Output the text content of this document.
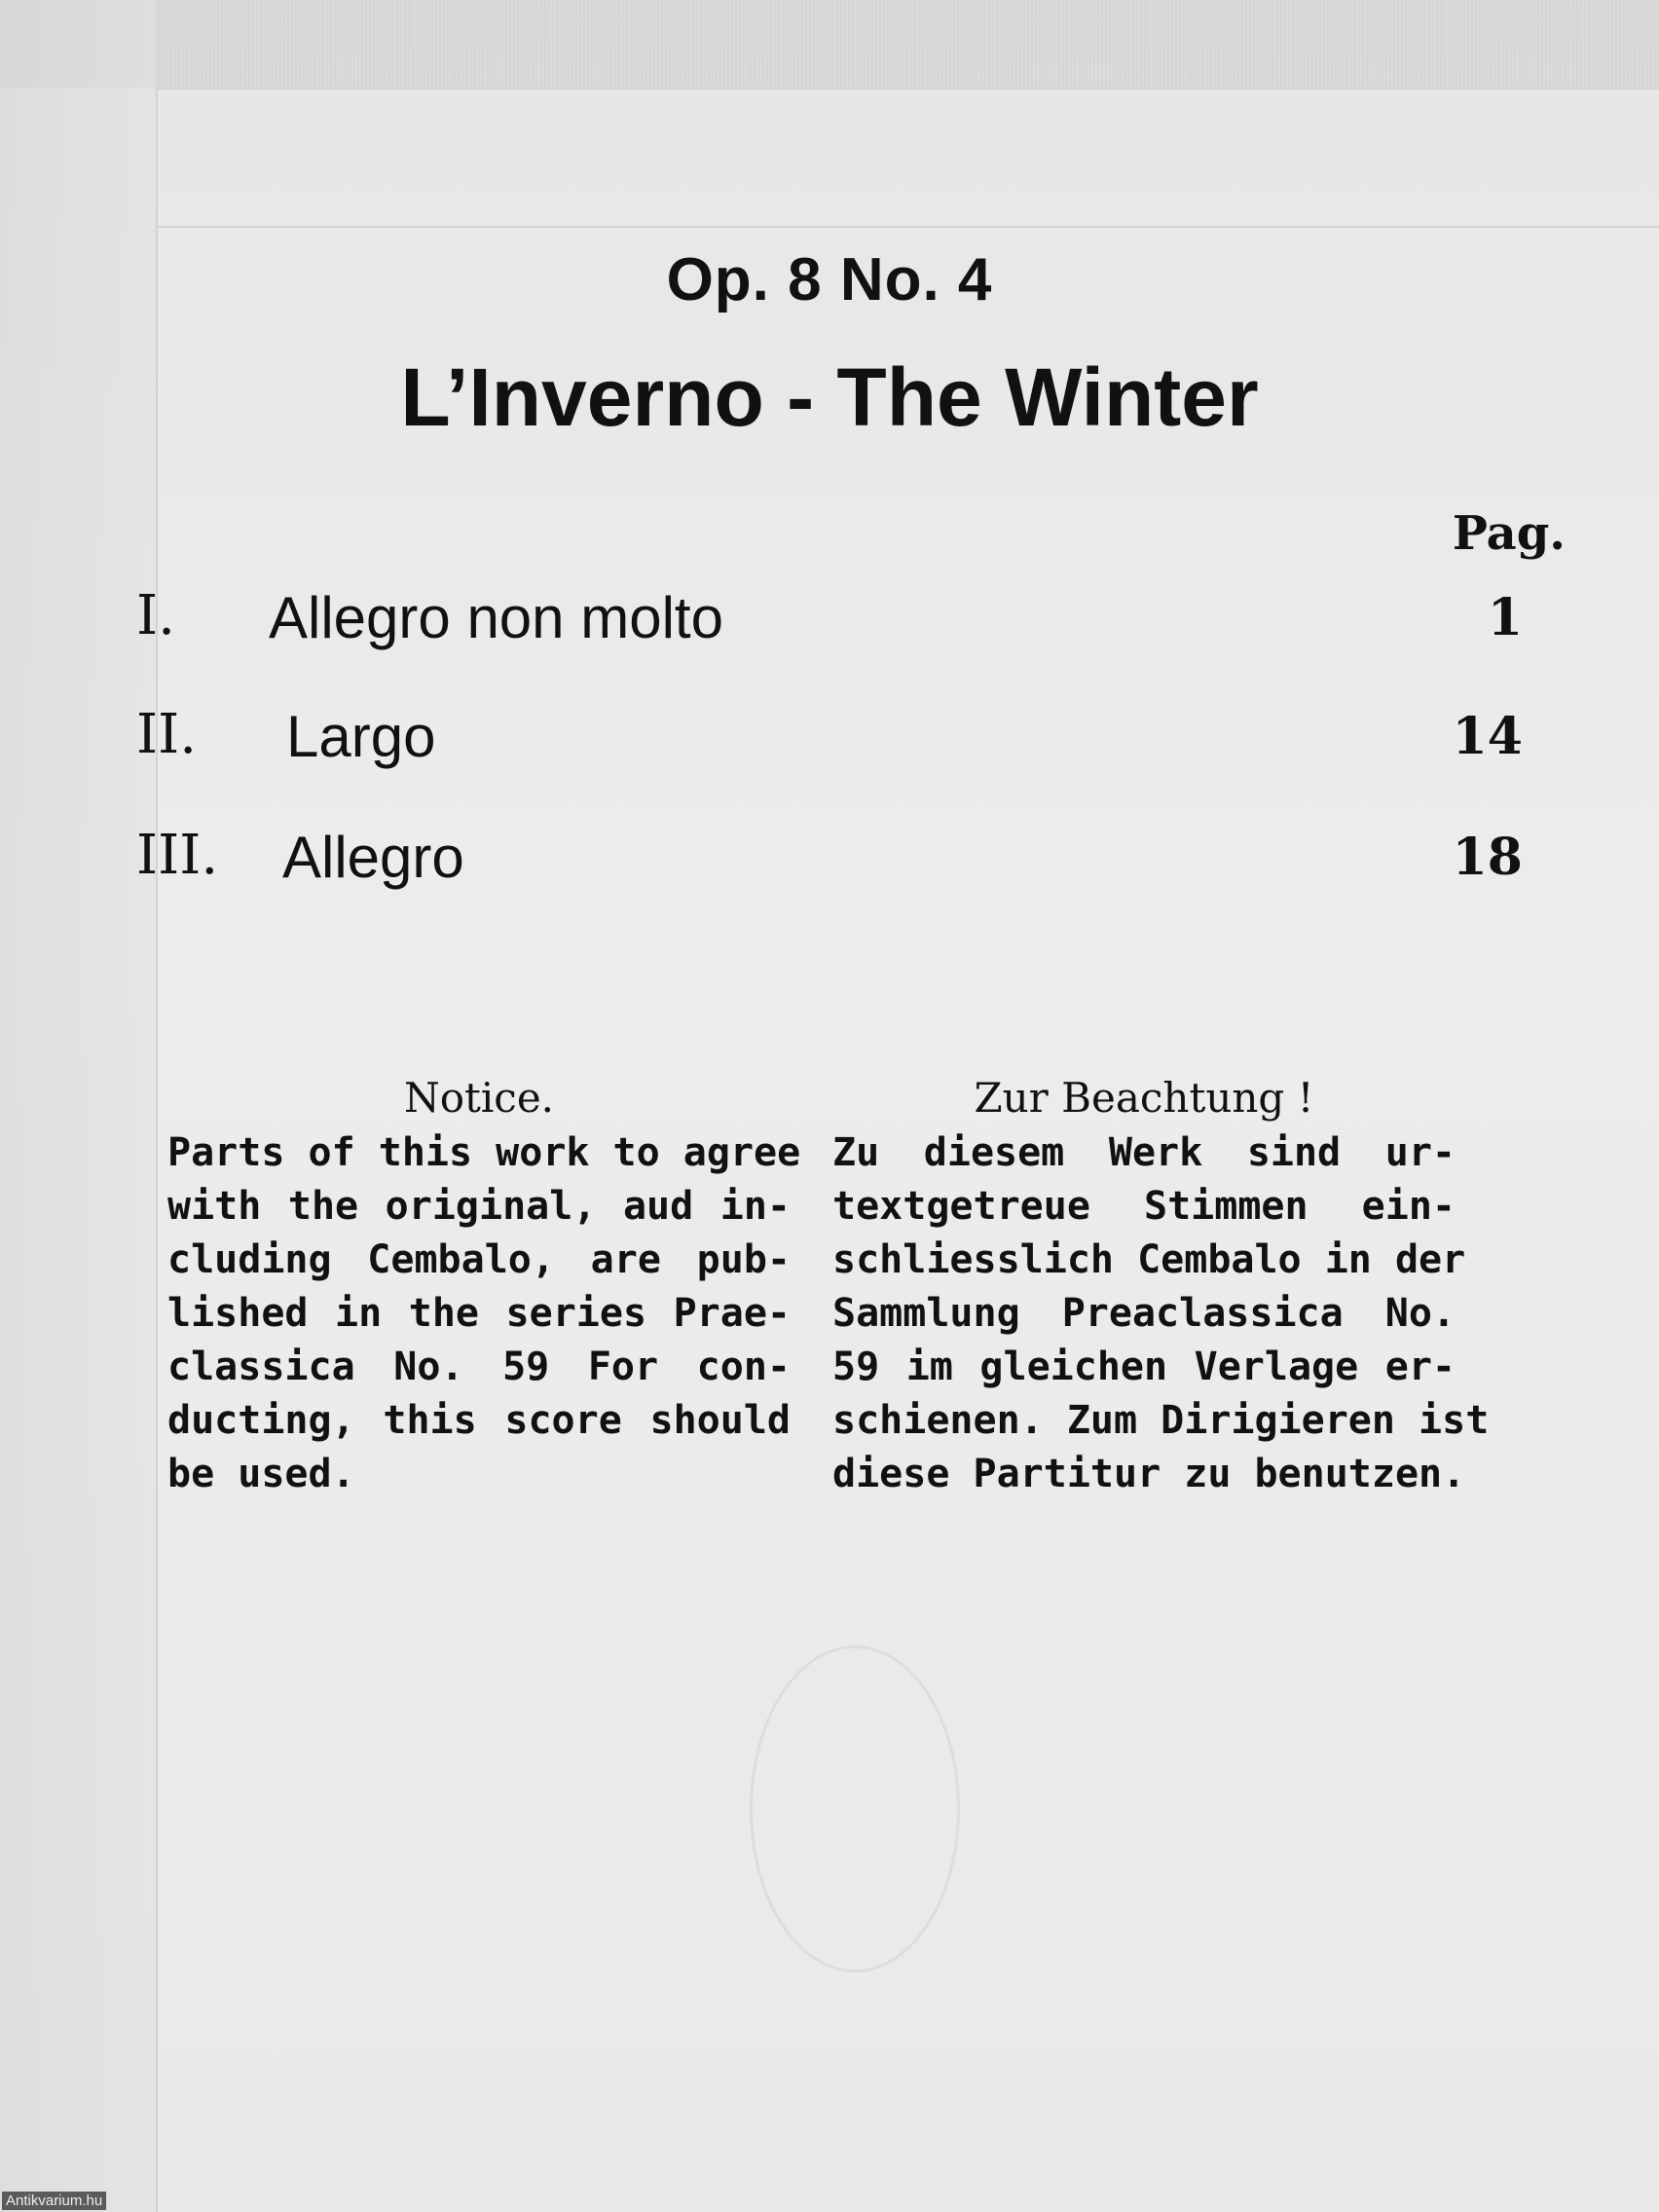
Op. 8 No. 4
L’Inverno - The Winter
Pag.
I. Allegro non molto	1
II. Largo	14
III. Allegro	18
Notice.
Parts of this work to agree
with the original, aud in-
cluding Cembalo, are pub-
lished in the series Prae-
classica No. 59 For con-
ducting, this score should
be used.
Zur Beachtung !
Zu diesem Werk sind ur-
textgetreue Stimmen ein-
schliesslich Cembalo in der
Sammlung Preaclassica No.
59 im gleichen Verlage er-
schienen. Zum Dirigieren ist
diese Partitur zu benutzen.
Antikvarium.hu
